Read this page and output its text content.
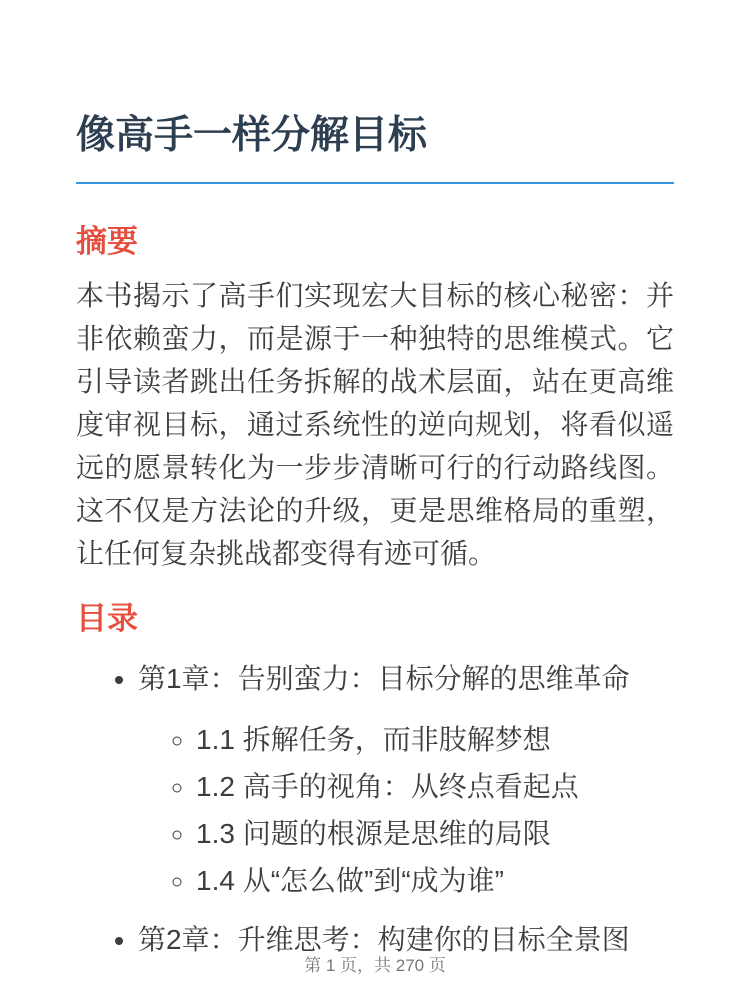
像高手一样分解目标
摘要

本书揭示了高手们实现宏大目标的核心秘密：并非依赖蛮力，而是源于一种独特的思维模式。它引导读者跳出任务拆解的战术层面，站在更高维度审视目标，通过系统性的逆向规划，将看似遥远的愿景转化为一步步清晰可行的行动路线图。这不仅是方法论的升级，更是思维格局的重塑，让任何复杂挑战都变得有迹可循。

目录
• 第1章：告别蛮力：目标分解的思维革命
◦ 1.1 拆解任务，而非肢解梦想
◦ 1.2 高手的视角：从终点看起点
◦ 1.3 问题的根源是思维的局限
◦ 1.4 从“怎么做”到“成为谁”
• 第2章：升维思考：构建你的目标全景图
第 1 页，共 270 页
